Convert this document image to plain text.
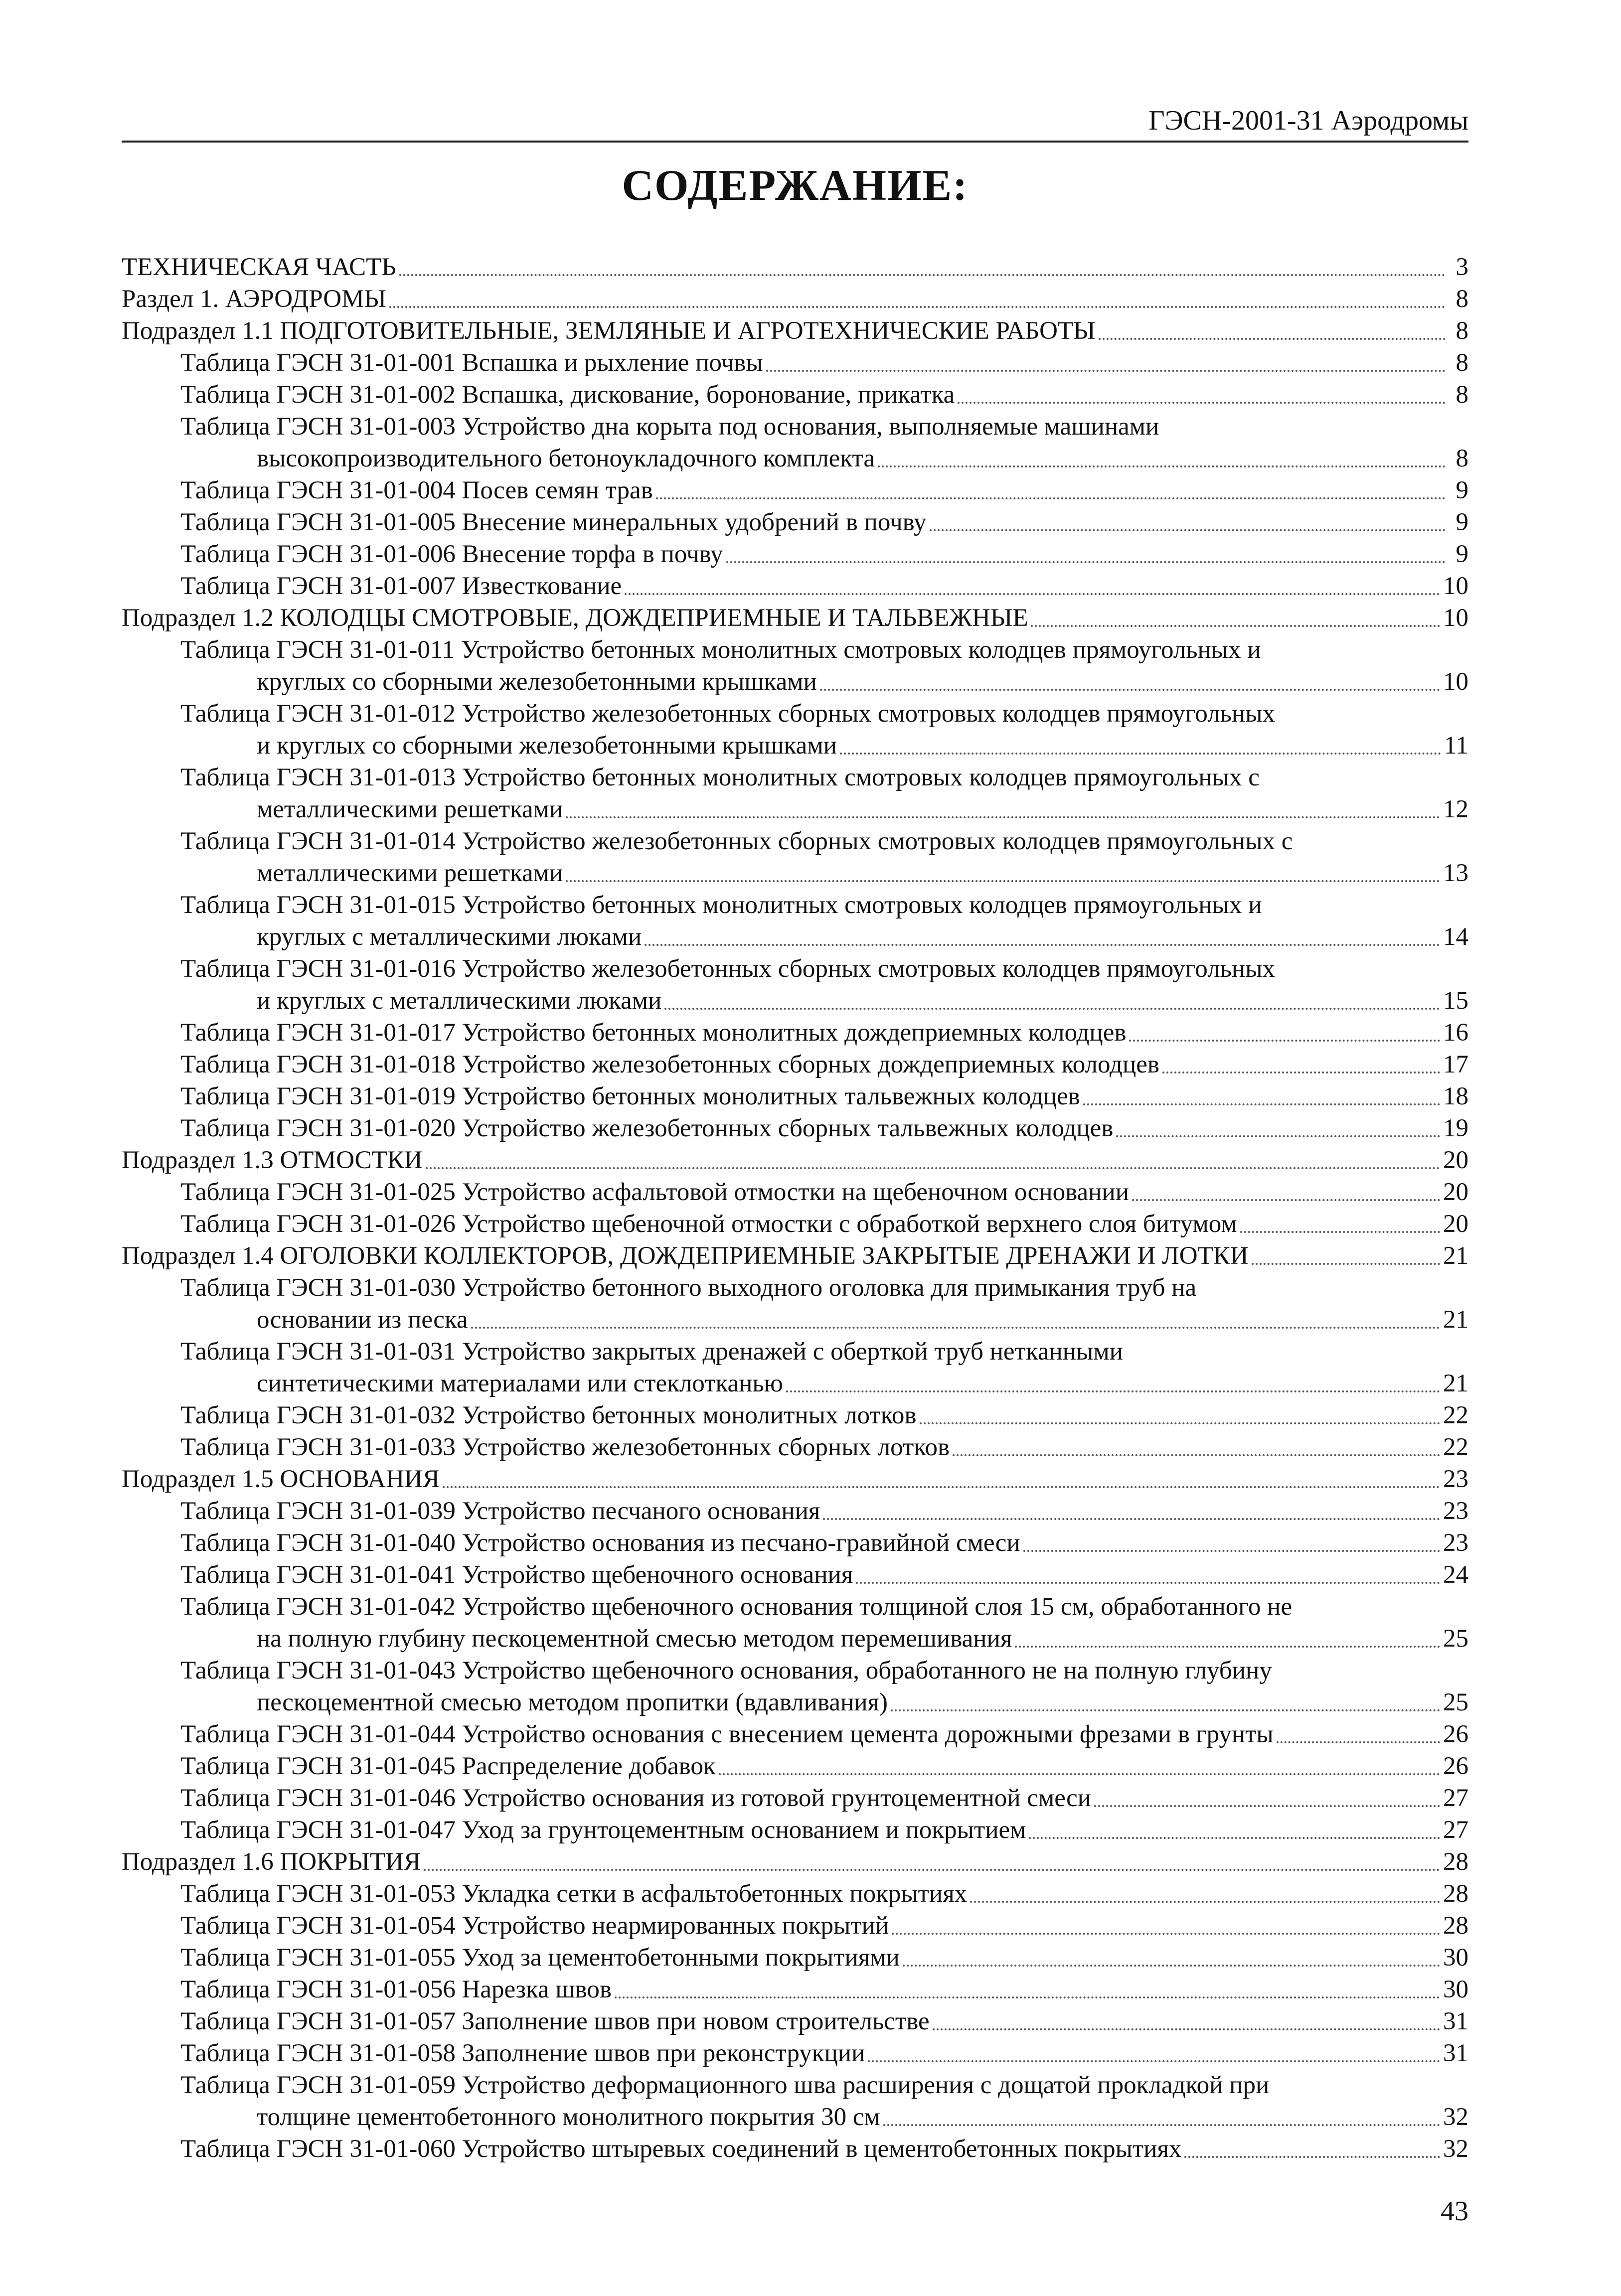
ГЭСН-2001-31 Аэродромы
СОДЕРЖАНИЕ:
ТЕХНИЧЕСКАЯ ЧАСТЬ	3
Раздел 1. АЭРОДРОМЫ	8
Подраздел 1.1 ПОДГОТОВИТЕЛЬНЫЕ, ЗЕМЛЯНЫЕ И АГРОТЕХНИЧЕСКИЕ РАБОТЫ	8
Таблица ГЭСН 31-01-001 Вспашка и рыхление почвы	8
Таблица ГЭСН 31-01-002 Вспашка, дискование, боронование, прикатка	8
Таблица ГЭСН 31-01-003 Устройство дна корыта под основания, выполняемые машинами
высокопроизводительного бетоноукладочного комплекта	8
Таблица ГЭСН 31-01-004 Посев семян трав	9
Таблица ГЭСН 31-01-005 Внесение минеральных удобрений в почву	9
Таблица ГЭСН 31-01-006 Внесение торфа в почву	9
Таблица ГЭСН 31-01-007 Известкование	10
Подраздел 1.2 КОЛОДЦЫ СМОТРОВЫЕ, ДОЖДЕПРИЕМНЫЕ И ТАЛЬВЕЖНЫЕ	10
Таблица ГЭСН 31-01-011 Устройство бетонных монолитных смотровых колодцев прямоугольных и
круглых со сборными железобетонными крышками	10
Таблица ГЭСН 31-01-012 Устройство железобетонных сборных смотровых колодцев прямоугольных
и круглых со сборными железобетонными крышками	11
Таблица ГЭСН 31-01-013 Устройство бетонных монолитных смотровых колодцев прямоугольных с
металлическими решетками	12
Таблица ГЭСН 31-01-014 Устройство железобетонных сборных смотровых колодцев прямоугольных с
металлическими решетками	13
Таблица ГЭСН 31-01-015 Устройство бетонных монолитных смотровых колодцев прямоугольных и
круглых с металлическими люками	14
Таблица ГЭСН 31-01-016 Устройство железобетонных сборных смотровых колодцев прямоугольных
и круглых с металлическими люками	15
Таблица ГЭСН 31-01-017 Устройство бетонных монолитных дождеприемных колодцев	16
Таблица ГЭСН 31-01-018 Устройство железобетонных сборных дождеприемных колодцев	17
Таблица ГЭСН 31-01-019 Устройство бетонных монолитных тальвежных колодцев	18
Таблица ГЭСН 31-01-020 Устройство железобетонных сборных тальвежных колодцев	19
Подраздел 1.3 ОТМОСТКИ	20
Таблица ГЭСН 31-01-025 Устройство асфальтовой отмостки на щебеночном основании	20
Таблица ГЭСН 31-01-026 Устройство щебеночной отмостки с обработкой верхнего слоя битумом	20
Подраздел 1.4 ОГОЛОВКИ КОЛЛЕКТОРОВ, ДОЖДЕПРИЕМНЫЕ ЗАКРЫТЫЕ ДРЕНАЖИ И ЛОТКИ	21
Таблица ГЭСН 31-01-030 Устройство бетонного выходного оголовка для примыкания труб на
основании из песка	21
Таблица ГЭСН 31-01-031 Устройство закрытых дренажей с оберткой труб нетканными
синтетическими материалами или стеклотканью	21
Таблица ГЭСН 31-01-032 Устройство бетонных монолитных лотков	22
Таблица ГЭСН 31-01-033 Устройство железобетонных сборных лотков	22
Подраздел 1.5 ОСНОВАНИЯ	23
Таблица ГЭСН 31-01-039 Устройство песчаного основания	23
Таблица ГЭСН 31-01-040 Устройство основания из песчано-гравийной смеси	23
Таблица ГЭСН 31-01-041 Устройство щебеночного основания	24
Таблица ГЭСН 31-01-042 Устройство щебеночного основания толщиной слоя 15 см, обработанного не
на полную глубину пескоцементной смесью методом перемешивания	25
Таблица ГЭСН 31-01-043 Устройство щебеночного основания, обработанного не на полную глубину
пескоцементной смесью методом пропитки (вдавливания)	25
Таблица ГЭСН 31-01-044 Устройство основания с внесением цемента дорожными фрезами в грунты	26
Таблица ГЭСН 31-01-045 Распределение добавок	26
Таблица ГЭСН 31-01-046 Устройство основания из готовой грунтоцементной смеси	27
Таблица ГЭСН 31-01-047 Уход за грунтоцементным основанием и покрытием	27
Подраздел 1.6 ПОКРЫТИЯ	28
Таблица ГЭСН 31-01-053 Укладка сетки в асфальтобетонных покрытиях	28
Таблица ГЭСН 31-01-054 Устройство неармированных покрытий	28
Таблица ГЭСН 31-01-055 Уход за цементобетонными покрытиями	30
Таблица ГЭСН 31-01-056 Нарезка швов	30
Таблица ГЭСН 31-01-057 Заполнение швов при новом строительстве	31
Таблица ГЭСН 31-01-058 Заполнение швов при реконструкции	31
Таблица ГЭСН 31-01-059 Устройство деформационного шва расширения с дощатой прокладкой при
толщине цементобетонного монолитного покрытия 30 см	32
Таблица ГЭСН 31-01-060 Устройство штыревых соединений в цементобетонных покрытиях	32
43
